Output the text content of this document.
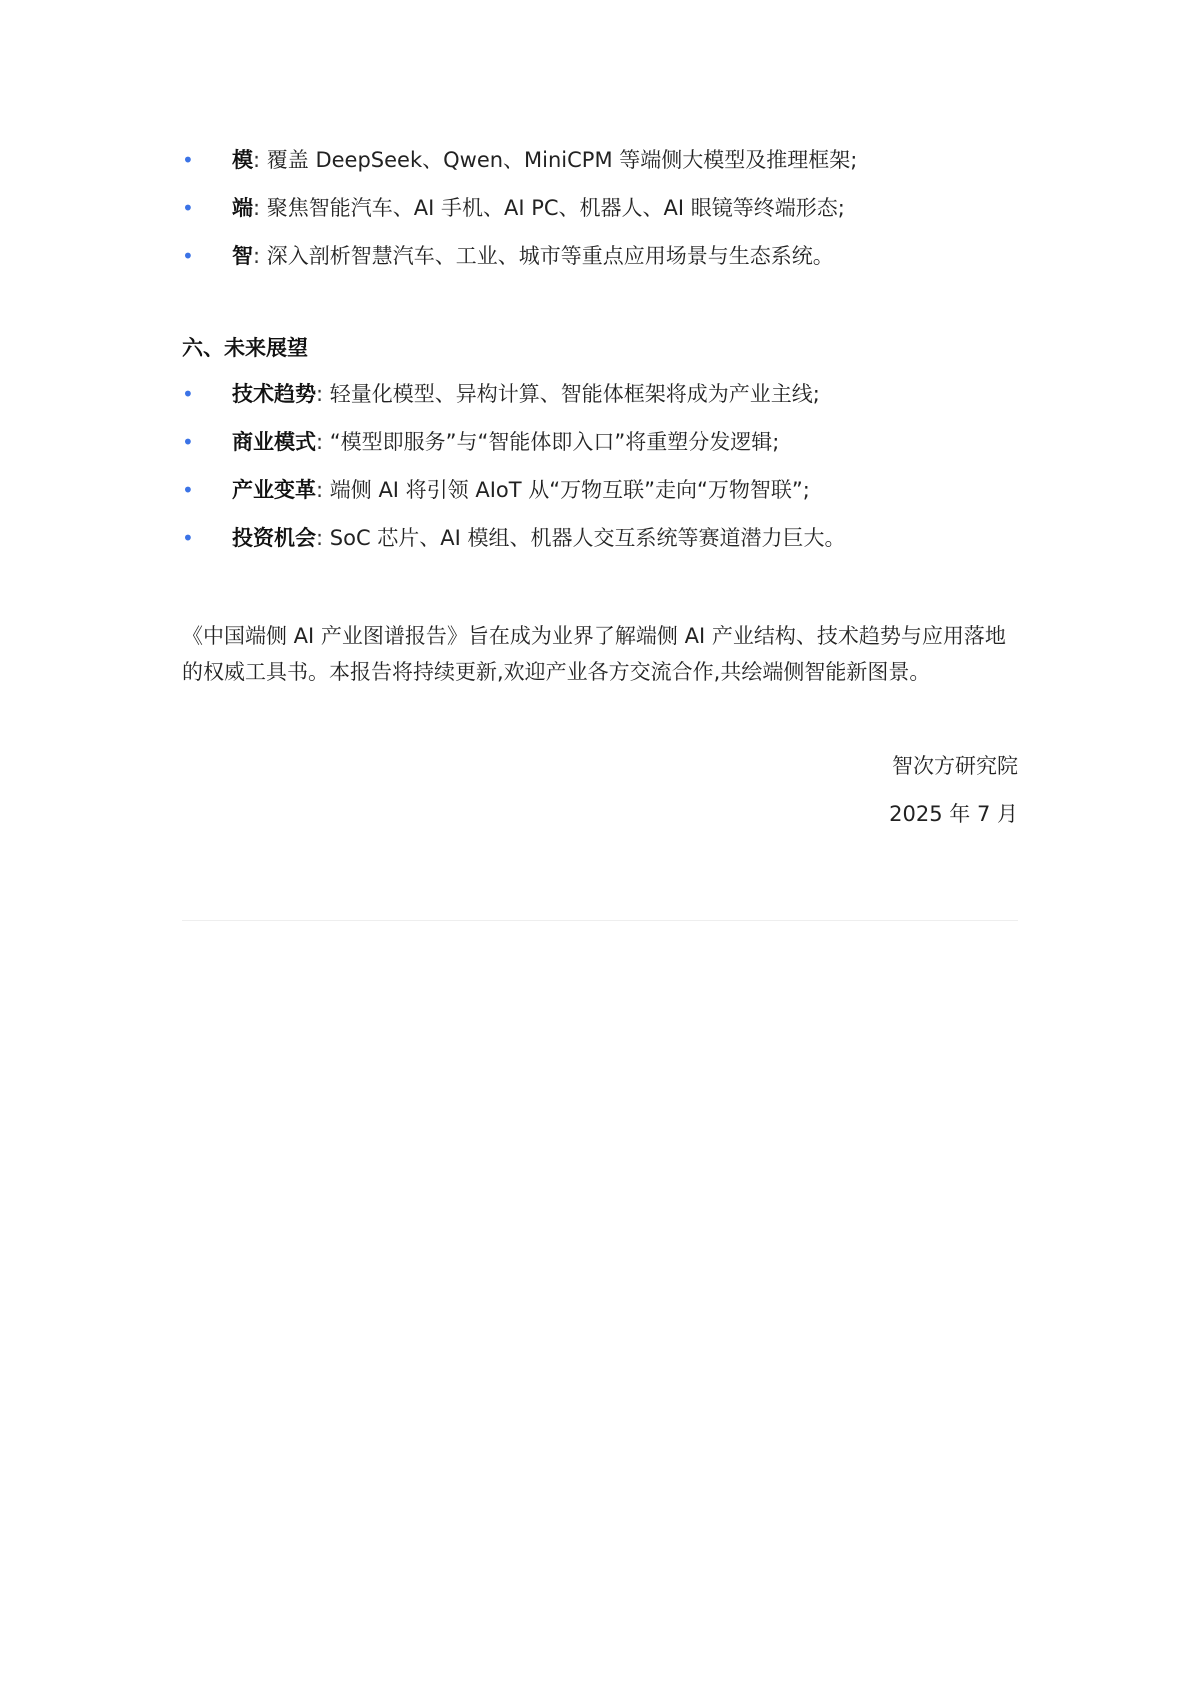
• 模: 覆盖 DeepSeek、Qwen、MiniCPM 等端侧大模型及推理框架;
• 端: 聚焦智能汽车、AI 手机、AI PC、机器人、AI 眼镜等终端形态;
• 智: 深入剖析智慧汽车、工业、城市等重点应用场景与生态系统。
六、未来展望
• 技术趋势: 轻量化模型、异构计算、智能体框架将成为产业主线;
• 商业模式: “模型即服务”与“智能体即入口”将重塑分发逻辑;
• 产业变革: 端侧 AI 将引领 AIoT 从“万物互联”走向“万物智联”;
• 投资机会: SoC 芯片、AI 模组、机器人交互系统等赛道潜力巨大。

《中国端侧 AI 产业图谱报告》旨在成为业界了解端侧 AI 产业结构、技术趋势与应用落地的权威工具书。本报告将持续更新,欢迎产业各方交流合作,共绘端侧智能新图景。

智次方研究院
2025 年 7 月
